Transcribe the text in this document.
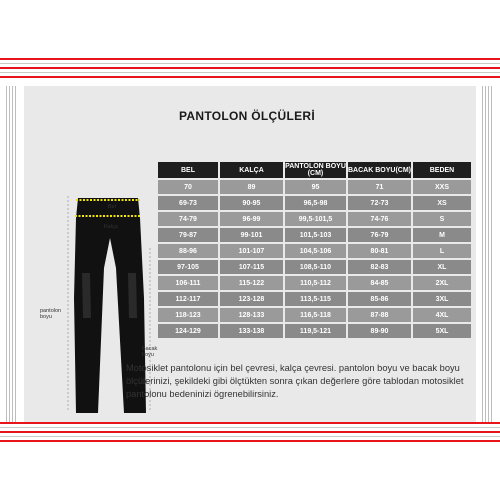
PANTOLON ÖLÇÜLERİ
Bel
Kalça
pantolon boyu
Bacak boyu
BEL	KALÇA	PANTOLON BOYU (CM)	BACAK BOYU(CM)	BEDEN
70	89	95	71	XXS
69-73	90-95	96,5-98	72-73	XS
74-79	96-99	99,5-101,5	74-76	S
79-87	99-101	101,5-103	76-79	M
88-96	101-107	104,5-106	80-81	L
97-105	107-115	108,5-110	82-83	XL
106-111	115-122	110,5-112	84-85	2XL
112-117	123-128	113,5-115	85-86	3XL
118-123	128-133	116,5-118	87-88	4XL
124-129	133-138	119,5-121	89-90	5XL
Motosiklet pantolonu için bel çevresi, kalça çevresi. pantolon boyu ve bacak boyu ölçülerinizi, şekildeki gibi ölçtükten sonra çıkan değerlere göre tablodan motosiklet pantolonu bedeninizi ögrenebilirsiniz.
